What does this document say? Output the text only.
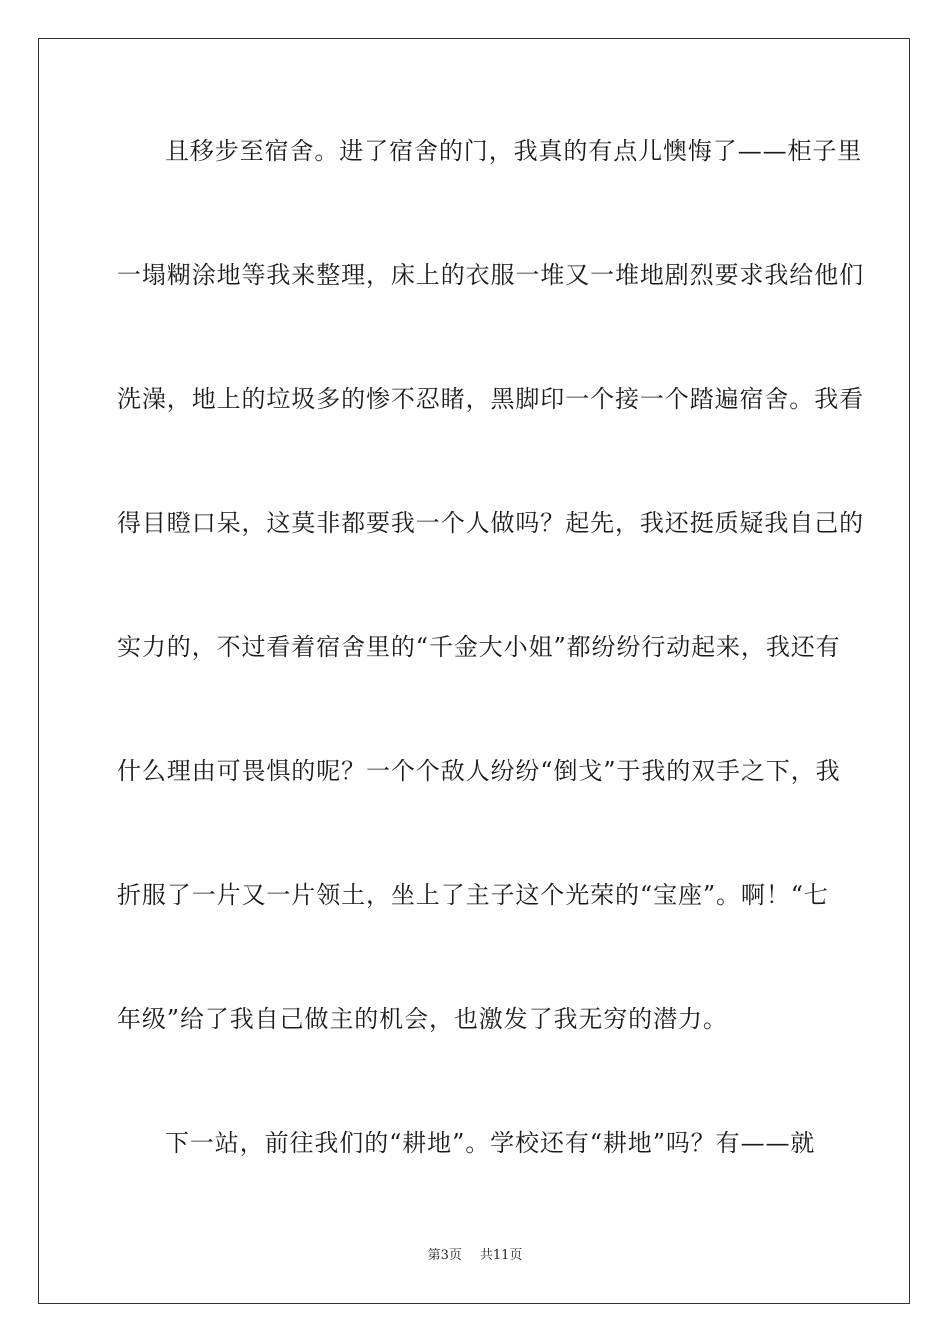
且移步至宿舍。进了宿舍的门，我真的有点儿懊悔了——柜子里
一塌糊涂地等我来整理，床上的衣服一堆又一堆地剧烈要求我给他们
洗澡，地上的垃圾多的惨不忍睹，黑脚印一个接一个踏遍宿舍。我看
得目瞪口呆，这莫非都要我一个人做吗？起先，我还挺质疑我自己的
实力的，不过看着宿舍里的“千金大小姐”都纷纷行动起来，我还有
什么理由可畏惧的呢？一个个敌人纷纷“倒戈”于我的双手之下，我
折服了一片又一片领土，坐上了主子这个光荣的“宝座”。啊！“七
年级”给了我自己做主的机会，也激发了我无穷的潜力。
下一站，前往我们的“耕地”。学校还有“耕地”吗？有——就
第3页 共11页
